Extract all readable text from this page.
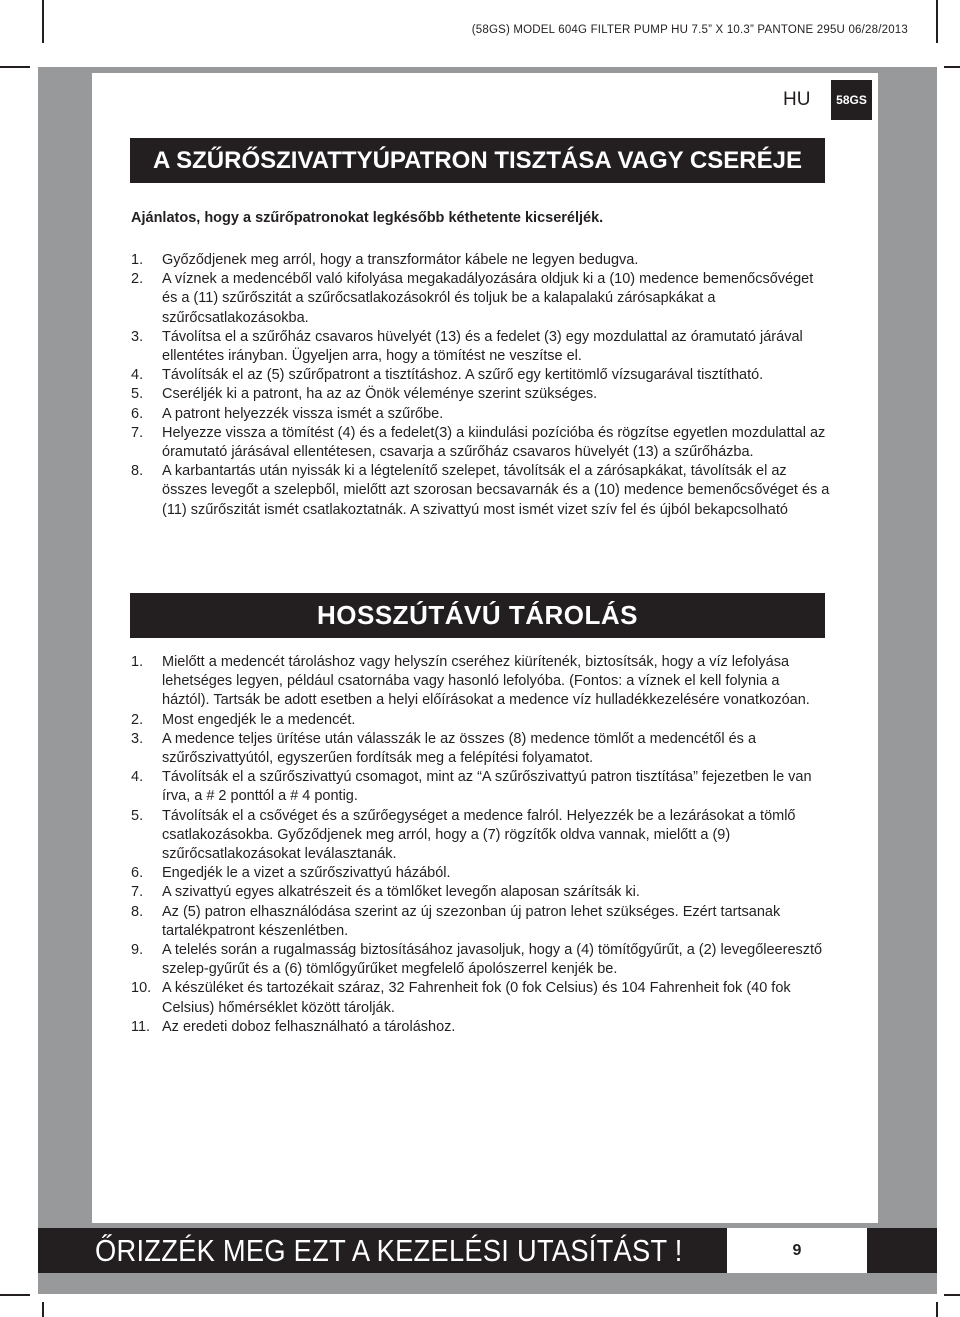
(58GS) MODEL 604G FILTER PUMP HU 7.5” X 10.3” PANTONE 295U 06/28/2013
HU	58GS
A SZŰRŐSZIVATTYÚPATRON TISZTÁSA VAGY CSERÉJE
Ajánlatos, hogy a szűrőpatronokat legkésőbb kéthetente kicseréljék.
1.	Győződjenek meg arról, hogy a transzformátor kábele ne legyen bedugva.
2.	A víznek a medencéből való kifolyása megakadályozására oldjuk ki a (10) medence bemenőcsővéget és a (11) szűrőszitát a szűrőcsatlakozásokról és toljuk be a kalapalakú zárósapkákat a szűrőcsatlakozásokba.
3.	Távolítsa el a szűrőház csavaros hüvelyét (13) és a fedelet (3) egy mozdulattal az óramutató járával ellentétes irányban. Ügyeljen arra, hogy a tömítést ne veszítse el.
4.	Távolítsák el az (5) szűrőpatront a tisztításhoz. A szűrő egy kertitömlő vízsugarával tisztítható.
5.	Cseréljék ki a patront, ha az az Önök véleménye szerint szükséges.
6.	A patront helyezzék vissza ismét a szűrőbe.
7.	Helyezze vissza a tömítést (4) és a fedelet(3) a kiindulási pozícióba és rögzítse egyetlen mozdulattal az óramutató járásával ellentétesen, csavarja a szűrőház csavaros hüvelyét (13) a szűrőházba.
8.	A karbantartás után nyissák ki a légtelenítő szelepet, távolítsák el a zárósapkákat, távolítsák el az összes levegőt a szelepből, mielőtt azt szorosan becsavarnák és a (10) medence bemenőcsővéget és a (11) szűrőszitát ismét csatlakoztatnák. A szivattyú most ismét vizet szív fel és újból bekapcsolható
HOSSZÚTÁVÚ TÁROLÁS
1.	Mielőtt a medencét tároláshoz vagy helyszín cseréhez kiürítenék, biztosítsák, hogy a víz lefolyása lehetséges legyen, például csatornába vagy hasonló lefolyóba. (Fontos: a víznek el kell folynia a háztól). Tartsák be adott esetben a helyi előírásokat a medence víz hulladékkezelésére vonatkozóan.
2.	Most engedjék le a medencét.
3.	A medence teljes ürítése után válasszák le az összes (8) medence tömlőt a medencétől és a szűrőszivattyútól, egyszerűen fordítsák meg a felépítési folyamatot.
4.	Távolítsák el a szűrőszivattyú csomagot, mint az “A szűrőszivattyú patron tisztítása” fejezetben le van írva, a # 2 ponttól a # 4 pontig.
5.	Távolítsák el a csővéget és a szűrőegységet a medence falról. Helyezzék be a lezárásokat a tömlő csatlakozásokba. Győződjenek meg arról, hogy a (7) rögzítők oldva vannak, mielőtt a (9) szűrőcsatlakozásokat leválasztanák.
6.	Engedjék le a vizet a szűrőszivattyú házából.
7.	A szivattyú egyes alkatrészeit és a tömlőket levegőn alaposan szárítsák ki.
8.	Az (5) patron elhasználódása szerint az új szezonban új patron lehet szükséges. Ezért tartsanak tartalékpatront készenlétben.
9.	A telelés során a rugalmasság biztosításához javasoljuk, hogy a (4) tömítőgyűrűt, a (2) levegőleeresztő szelep-gyűrűt és a (6) tömlőgyűrűket megfelelő ápolószerrel kenjék be.
10. A készüléket és tartozékait száraz, 32 Fahrenheit fok (0 fok Celsius) és 104 Fahrenheit fok (40 fok Celsius) hőmérséklet között tárolják.
11. Az eredeti doboz felhasználható a tároláshoz.
ŐRIZZÉK MEG EZT A KEZELÉSI UTASÍTÁST !	9
